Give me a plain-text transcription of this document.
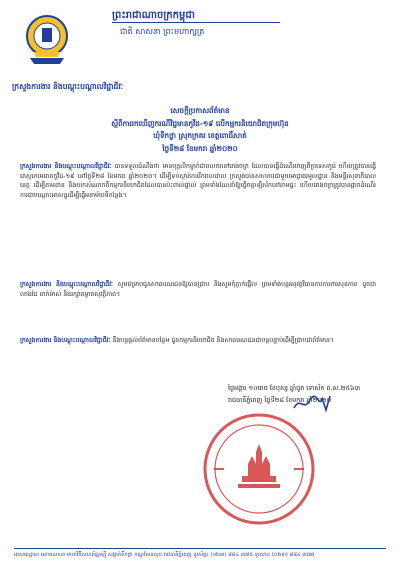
ព្រះរាជាណាចក្រកម្ពុជា
ជាតិ សាសនា ព្រះមហាក្សត្រ
ក្រសួងការងារ និងបណ្តុះបណ្តាលវិជ្ជាជីវៈ
សេចក្តីប្រកាសព័ត៌មាន
ស្តីពីការរកឃើញករណីវិជ្ជមានកូវីដ-១៩ លើកម្មករនិយោជិតក្រុមហ៊ុន
ឃុំទឹកថ្លា ស្រុកក្រគរ ខេត្តពោធិ៍សាត់
ថ្ងៃទី២៨ ខែមករា ឆ្នាំ២០២០
ក្រសួងការងារ និងបណ្តុះបណ្តាលវិជ្ជាជីវៈ បានទទួលដំណឹងថា មានបុគ្គលិកម្នាក់ជាពលករនៅរោងចក្រ ដែលបានធ្វើដំណើរចេញពីប្រទេសកូរ៉េ ហើយត្រូវបានធ្វើតេស្តរកមេរោគកូវីដ-១៩ នៅថ្ងៃទី២៨ ខែមករា ឆ្នាំ២០២០។ ដើម្បីទប់ស្កាត់ការរីករាលដាល ក្រសួងបានសហការជាមួយអាជ្ញាធរមូលដ្ឋាន និងមន្ទីរសុខាភិបាលខេត្ត ដើម្បីតាមដាន និងយកសំណាកពីកម្មករនិយោជិតដែលបានប៉ះពាល់ផ្ទាល់ ព្រមទាំងណែនាំឱ្យធ្វើចត្តាឡីស័កនៅតាមផ្ទះ ហើយរោងចក្រត្រូវបានផ្អាកដំណើរការជាបណ្តោះអាសន្នដើម្បីធ្វើអនាម័យទីកន្លែង។
ក្រសួងការងារ និងបណ្តុះបណ្តាលវិជ្ជាជីវៈ សូមជម្រាបជូនសាធារណជនឱ្យបានជ្រាប និងសូមកុំភ្ញាក់ផ្អើល ព្រមទាំងបន្តអនុវត្តវិធានការការពារសុខភាព ដូចជាលាងដៃ ពាក់ម៉ាស់ និងរក្សាគម្លាតសុវត្ថិភាព។
ក្រសួងការងារ និងបណ្តុះបណ្តាលវិជ្ជាជីវៈ នឹងបន្តផ្តល់ព័ត៌មានបន្ថែម ជូនកម្មករនិយោជិត និងសាធារណជនជាបន្តបន្ទាប់ដើម្បីជ្រាបជាព័ត៌មាន។
ថ្ងៃអង្គារ ១០រោច ខែបុស្ស ឆ្នាំជូត ទោស័ក ព.ស.២៥៦៣
រាជធានីភ្នំពេញ ថ្ងៃទី២៨ ខែមករា ឆ្នាំ២០២០
អាសយដ្ឋាន៖ អគារលេខ៣ មហាវិថីសហព័ន្ធរុស្ស៊ី សង្កាត់ទឹកថ្លា ខណ្ឌសែនសុខ រាជធានីភ្នំពេញ ទូរស័ព្ទ៖ (០២៣) ៨៨៤ ៣៧៥ ទូរសារ៖ (០២៣) ៨៨៤ ៣៧៥
